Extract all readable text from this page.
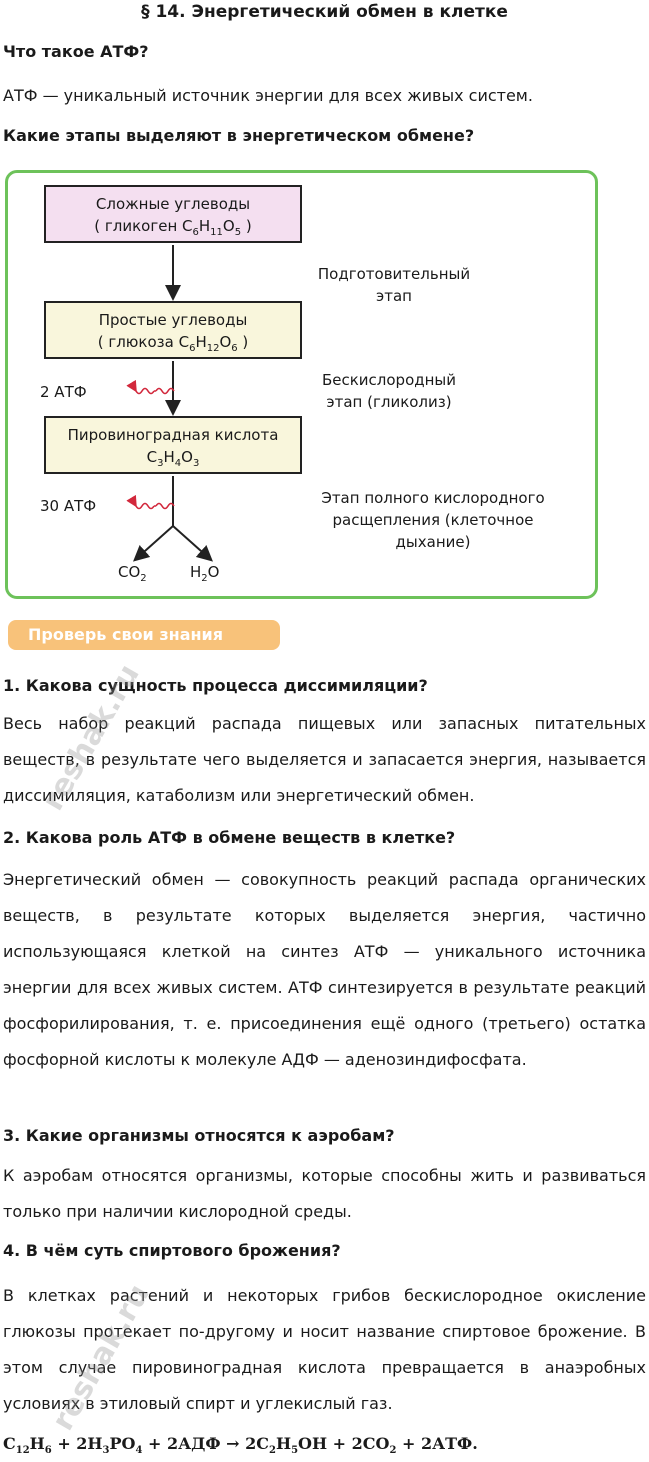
§ 14. Энергетический обмен в клетке
Что такое АТФ?
АТФ — уникальный источник энергии для всех живых систем.
Какие этапы выделяют в энергетическом обмене?
Сложные углеводы
( гликоген $C_6H_{11}O_5$ )
Простые углеводы
( глюкоза $C_6H_{12}O_6$ )
Пировиноградная кислота
$C_3H_4O_3$
2 АТФ
30 АТФ
Подготовительный
этап
Бескислородный
этап (гликолиз)
Этап полного кислородного
расщепления (клеточное
дыхание)
$CO_2$	$H_2O$
Проверь свои знания
1. Какова сущность процесса диссимиляции?
Весь набор реакций распада пищевых или запасных питательных веществ, в результате чего выделяется и запасается энергия, называется диссимиляция, катаболизм или энергетический обмен.
2. Какова роль АТФ в обмене веществ в клетке?
Энергетический обмен — совокупность реакций распада органических веществ, в результате которых выделяется энергия, частично использующаяся клеткой на синтез АТФ — уникального источника энергии для всех живых систем. АТФ синтезируется в результате реакций фосфорилирования, т. е. присоединения ещё одного (третьего) остатка фосфорной кислоты к молекуле АДФ — аденозиндифосфата.
3. Какие организмы относятся к аэробам?
К аэробам относятся организмы, которые способны жить и развиваться только при наличии кислородной среды.
4. В чём суть спиртового брожения?
В клетках растений и некоторых грибов бескислородное окисление глюкозы протекает по-другому и носит название спиртовое брожение. В этом случае пировиноградная кислота превращается в анаэробных условиях в этиловый спирт и углекислый газ.
$C_{12}H_6 + 2H_3PO_4 + 2АДФ \to 2C_2H_5OH + 2CO_2 + 2АТФ$.
reshak.ru
reshak.ru
